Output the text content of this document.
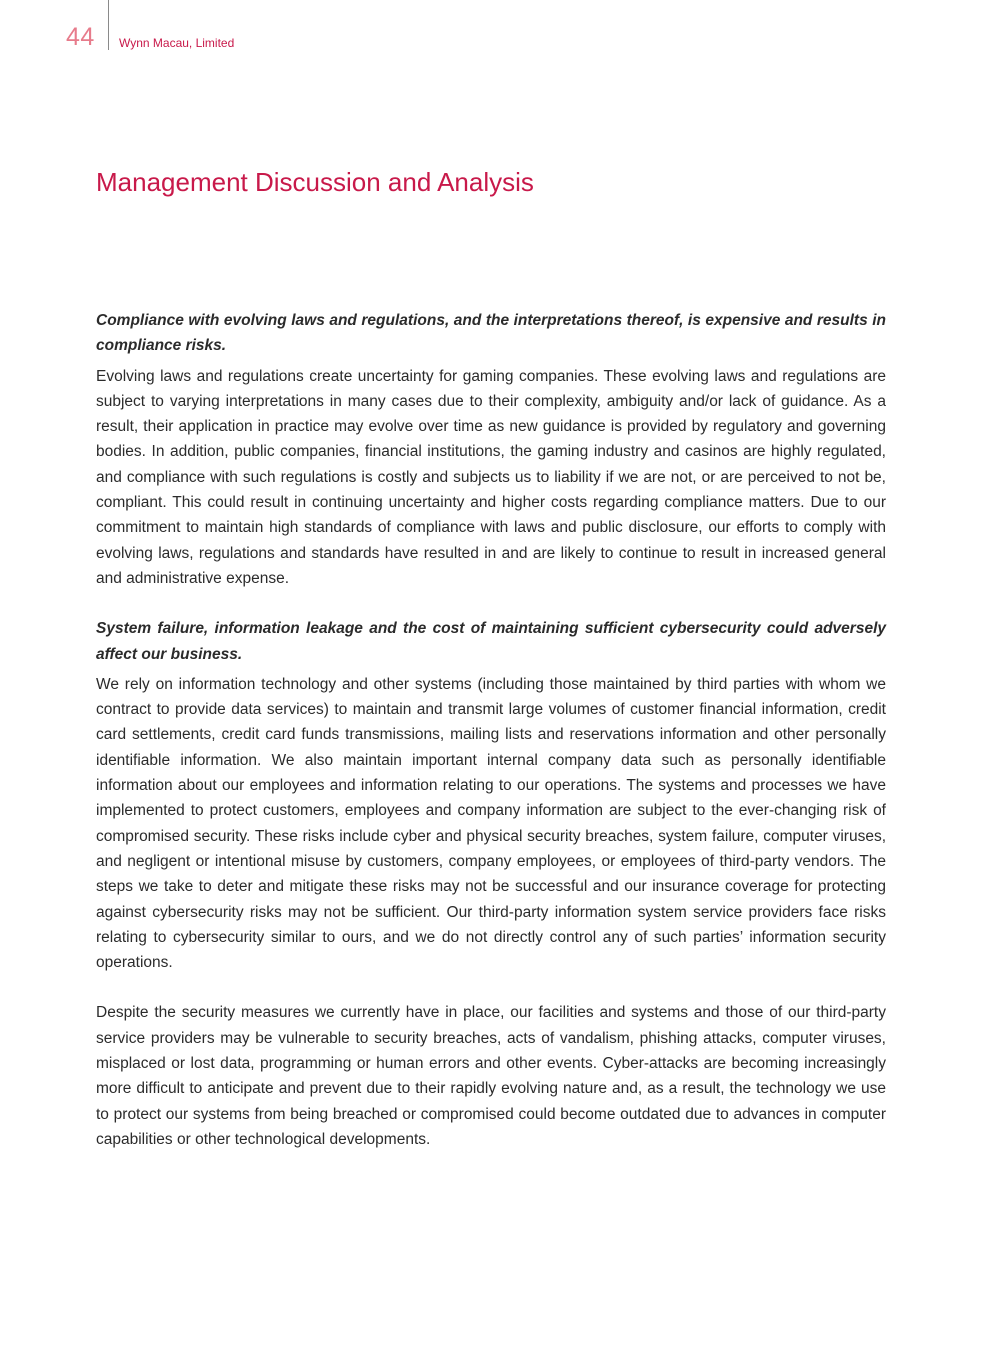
44 Wynn Macau, Limited
Management Discussion and Analysis

Compliance with evolving laws and regulations, and the interpretations thereof, is expensive and results in compliance risks.

Evolving laws and regulations create uncertainty for gaming companies. These evolving laws and regulations are subject to varying interpretations in many cases due to their complexity, ambiguity and/or lack of guidance. As a result, their application in practice may evolve over time as new guidance is provided by regulatory and governing bodies. In addition, public companies, financial institutions, the gaming industry and casinos are highly regulated, and compliance with such regulations is costly and subjects us to liability if we are not, or are perceived to not be, compliant. This could result in continuing uncertainty and higher costs regarding compliance matters. Due to our commitment to maintain high standards of compliance with laws and public disclosure, our efforts to comply with evolving laws, regulations and standards have resulted in and are likely to continue to result in increased general and administrative expense.

System failure, information leakage and the cost of maintaining sufficient cybersecurity could adversely affect our business.

We rely on information technology and other systems (including those maintained by third parties with whom we contract to provide data services) to maintain and transmit large volumes of customer financial information, credit card settlements, credit card funds transmissions, mailing lists and reservations information and other personally identifiable information. We also maintain important internal company data such as personally identifiable information about our employees and information relating to our operations. The systems and processes we have implemented to protect customers, employees and company information are subject to the ever-changing risk of compromised security. These risks include cyber and physical security breaches, system failure, computer viruses, and negligent or intentional misuse by customers, company employees, or employees of third-party vendors. The steps we take to deter and mitigate these risks may not be successful and our insurance coverage for protecting against cybersecurity risks may not be sufficient. Our third-party information system service providers face risks relating to cybersecurity similar to ours, and we do not directly control any of such parties’ information security operations.

Despite the security measures we currently have in place, our facilities and systems and those of our third-party service providers may be vulnerable to security breaches, acts of vandalism, phishing attacks, computer viruses, misplaced or lost data, programming or human errors and other events. Cyber-attacks are becoming increasingly more difficult to anticipate and prevent due to their rapidly evolving nature and, as a result, the technology we use to protect our systems from being breached or compromised could become outdated due to advances in computer capabilities or other technological developments.
